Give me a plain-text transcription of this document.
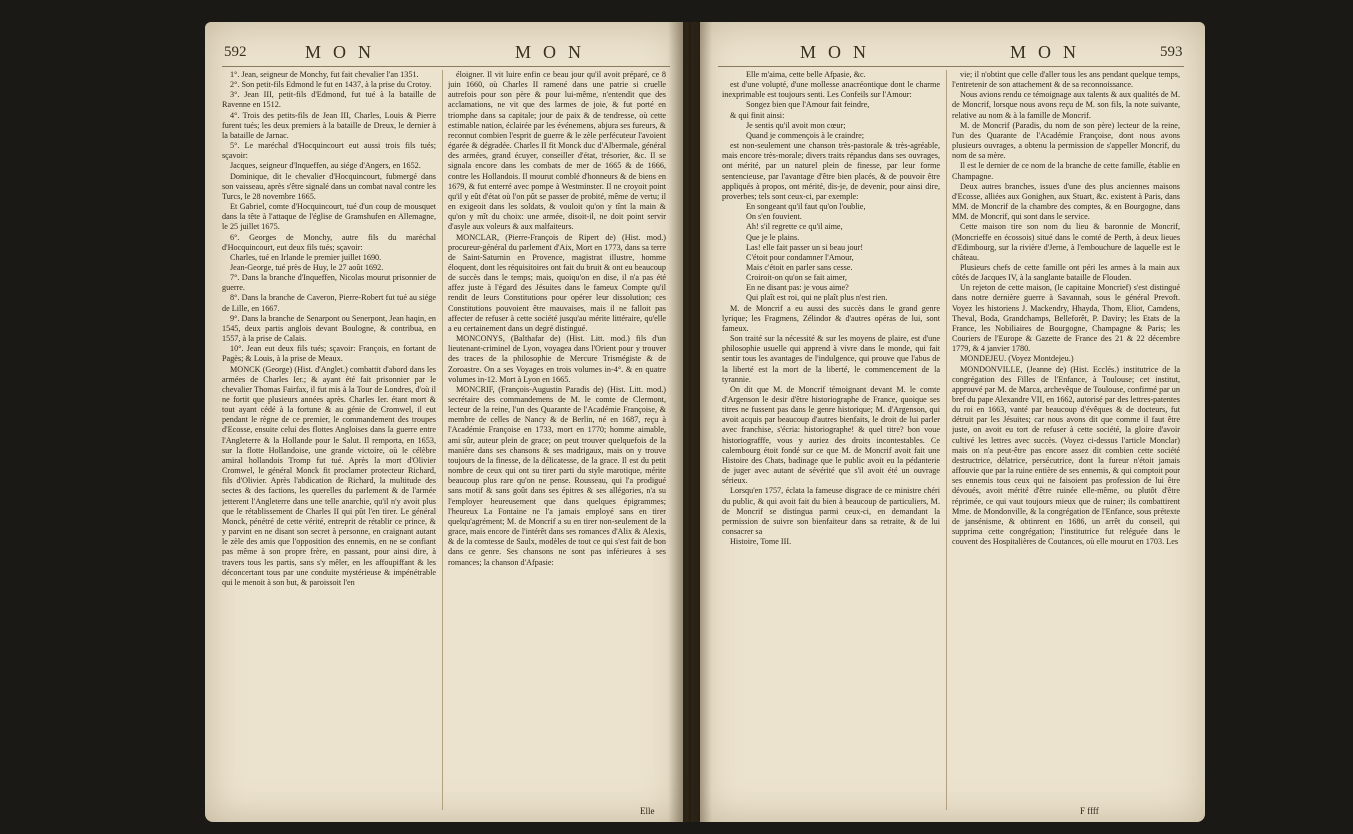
592	MON	MON

1°. Jean, seigneur de Monchy, fut fait chevalier l'an 1351.

2°. Son petit-fils Edmond le fut en 1437, à la prise du Crotoy.

3°. Jean III, petit-fils d'Edmond, fut tué à la bataille de Ravenne en 1512.

4°. Trois des petits-fils de Jean III, Charles, Louis & Pierre furent tués; les deux premiers à la bataille de Dreux, le dernier à la bataille de Jarnac.

5°. Le maréchal d'Hocquincourt eut aussi trois fils tués; sçavoir:

Jacques, seigneur d'Inqueffen, au siége d'Angers, en 1652.

Dominique, dit le chevalier d'Hocquincourt, fubmergé dans son vaisseau, après s'être signalé dans un combat naval contre les Turcs, le 28 novembre 1665.

Et Gabriel, comte d'Hocquincourt, tué d'un coup de mousquet dans la tête à l'attaque de l'église de Gramshufen en Allemagne, le 25 juillet 1675.

6°. Georges de Monchy, autre fils du maréchal d'Hocquincourt, eut deux fils tués; sçavoir:

Charles, tué en Irlande le premier juillet 1690.

Jean-George, tué près de Huy, le 27 août 1692.

7°. Dans la branche d'Inqueffen, Nicolas mourut prisonnier de guerre.

8°. Dans la branche de Caveron, Pierre-Robert fut tué au siége de Lille, en 1667.

9°. Dans la branche de Senarpont ou Senerpont, Jean haqin, en 1545, deux partis anglois devant Boulogne, & contribua, en 1557, à la prise de Calais.

10°. Jean eut deux fils tués; sçavoir: François, en fortant de Pagès; & Louis, à la prise de Meaux.

MONCK (George) (Hist. d'Anglet.) combattit d'abord dans les armées de Charles Ier.; & ayant été fait prisonnier par le chevalier Thomas Fairfax, il fut mis à la Tour de Londres, d'où il ne fortit que plusieurs années après. Charles Ier. étant mort & tout ayant cédé à la fortune & au génie de Cromwel, il eut pendant le règne de ce premier, le commandement des troupes d'Ecosse, ensuite celui des flottes Angloises dans la guerre entre l'Angleterre & la Hollande pour le Salut. Il remporta, en 1653, sur la flotte Hollandoise, une grande victoire, où le célèbre amiral hollandois Tromp fut tué. Après la mort d'Olivier Cromwel, le général Monck fit proclamer protecteur Richard, fils d'Olivier. Après l'abdication de Richard, la multitude des sectes & des factions, les querelles du parlement & de l'armée jetterent l'Angleterre dans une telle anarchie, qu'il n'y avoit plus que le rétablissement de Charles II qui pût l'en tirer. Le général Monck, pénétré de cette vérité, entreprit de rétablir ce prince, & y parvint en ne disant son secret à personne, en craignant autant le zèle des amis que l'opposition des ennemis, en ne se confiant pas même à son propre frère, en passant, pour ainsi dire, à travers tous les partis, sans s'y mêler, en les affoupiffant & les déconcertant tous par une conduite mystérieuse & impénétrable qui le menoit à son but, & paroissoit l'en

éloigner. Il vit luire enfin ce beau jour qu'il avoit préparé, ce 8 juin 1660, où Charles II ramené dans une patrie si cruelle autrefois pour son père & pour lui-même, n'entendit que des acclamations, ne vit que des larmes de joie, & fut porté en triomphe dans sa capitale; jour de paix & de tendresse, où cette estimable nation, éclairée par les événemens, abjura ses fureurs, & reconnut combien l'esprit de guerre & le zèle perfécuteur l'avoient égarée & dégradée. Charles II fit Monck duc d'Albermale, général des armées, grand écuyer, conseiller d'état, trésorier, &c. Il se signala encore dans les combats de mer de 1665 & de 1666, contre les Hollandois. Il mourut comblé d'honneurs & de biens en 1679, & fut enterré avec pompe à Westminster. Il ne croyoit point qu'il y eût d'état où l'on pût se passer de probité, même de vertu; il en exigeoit dans les soldats, & vouloit qu'on y tînt la main & qu'on y mît du choix: une armée, disoit-il, ne doit point servir d'asyle aux voleurs & aux malfaiteurs.

MONCLAR, (Pierre-François de Ripert de) (Hist. mod.) procureur-général du parlement d'Aix, Mort en 1773, dans sa terre de Saint-Saturnin en Provence, magistrat illustre, homme éloquent, dont les réquisitoires ont fait du bruit & ont eu beaucoup de succès dans le temps; mais, quoiqu'on en dise, il n'a pas été affez juste à l'égard des Jésuites dans le fameux Compte qu'il rendit de leurs Constitutions pour opérer leur dissolution; ces Constitutions pouvoient être mauvaises, mais il ne falloit pas affecter de refuser à cette société jusqu'au mérite littéraire, qu'elle a eu certainement dans un degré distingué.

MONCONYS, (Balthafar de) (Hist. Litt. mod.) fils d'un lieutenant-criminel de Lyon, voyagea dans l'Orient pour y trouver des traces de la philosophie de Mercure Trismégiste & de Zoroastre. On a ses Voyages en trois volumes in-4°. & en quatre volumes in-12. Mort à Lyon en 1665.

MONCRIF, (François-Augustin Paradis de) (Hist. Litt. mod.) secrétaire des commandemens de M. le comte de Clermont, lecteur de la reine, l'un des Quarante de l'Académie Françoise, & membre de celles de Nancy & de Berlin, né en 1687, reçu à l'Académie Françoise en 1733, mort en 1770; homme aimable, ami sûr, auteur plein de grace; on peut trouver quelquefois de la manière dans ses chansons & ses madrigaux, mais on y trouve toujours de la finesse, de la délicatesse, de la grace. Il est du petit nombre de ceux qui ont su tirer parti du style marotique, mérite beaucoup plus rare qu'on ne pense. Rousseau, qui l'a prodigué sans motif & sans goût dans ses épitres & ses allégories, n'a su l'employer heureusement que dans quelques épigrammes; l'heureux La Fontaine ne l'a jamais employé sans en tirer quelqu'agrément; M. de Moncrif a su en tirer non-seulement de la grace, mais encore de l'intérêt dans ses romances d'Alix & Alexis, & de la comtesse de Saulx, modèles de tout ce qui s'est fait de bon dans ce genre. Ses chansons ne sont pas inférieures à ses romances; la chanson d'Afpasie:

MON	MON	593

Elle m'aima, cette belle Afpasie, &c.

est d'une volupté, d'une mollesse anacréontique dont le charme inexprimable est toujours senti. Les Confeils sur l'Amour:

Songez bien que l'Amour fait feindre,

& qui finit ainsi:

Je sentis qu'il avoit mon cœur;

Quand je commençois à le craindre;

est non-seulement une chanson très-pastorale & très-agréable, mais encore très-morale; divers traits répandus dans ses ouvrages, ont mérité, par un naturel plein de finesse, par leur forme sentencieuse, par l'avantage d'être bien placés, & de pouvoir être appliqués à propos, ont mérité, dis-je, de devenir, pour ainsi dire, proverbes; tels sont ceux-ci, par exemple:

En songeant qu'il faut qu'on l'oublie,

On s'en fouvient.

Ah! s'il regrette ce qu'il aime,

Que je le plains.

Las! elle fait passer un si beau jour!

C'étoit pour condamner l'Amour,

Mais c'étoit en parler sans cesse.

Croiroit-on qu'on se fait aimer,

En ne disant pas: je vous aime?

Qui plaît est roi, qui ne plaît plus n'est rien.

M. de Moncrif a eu aussi des succès dans le grand genre lyrique; les Fragmens, Zélindor & d'autres opéras de lui, sont fameux.

Son traité sur la nécessité & sur les moyens de plaire, est d'une philosophie usuelle qui apprend à vivre dans le monde, qui fait sentir tous les avantages de l'indulgence, qui prouve que l'abus de la liberté est la mort de la liberté, le commencement de la tyrannie.

On dit que M. de Moncrif témoignant devant M. le comte d'Argenson le desir d'être historiographe de France, quoique ses titres ne fussent pas dans le genre historique; M. d'Argenson, qui avoit acquis par beaucoup d'autres bienfaits, le droit de lui parler avec franchise, s'écria: historiographe! & quel titre? bon voue historiografffe, vous y auriez des droits incontestables. Ce calembourg étoit fondé sur ce que M. de Moncrif avoit fait une Histoire des Chats, badinage que le public avoit eu la pédanterie de juger avec autant de sévérité que s'il avoit été un ouvrage sérieux.

Lorsqu'en 1757, éclata la fameuse disgrace de ce ministre chéri du public, & qui avoit fait du bien à beaucoup de particuliers, M. de Moncrif se distingua parmi ceux-ci, en demandant la permission de suivre son bienfaiteur dans sa retraite, & de lui consacrer sa

Histoire, Tome III.

vie; il n'obtint que celle d'aller tous les ans pendant quelque temps, l'entretenir de son attachement & de sa reconnoissance.

Nous avions rendu ce témoignage aux talents & aux qualités de M. de Moncrif, lorsque nous avons reçu de M. son fils, la note suivante, relative au nom & à la famille de Moncrif.

M. de Moncrif (Paradis, du nom de son père) lecteur de la reine, l'un des Quarante de l'Académie Françoise, dont nous avons plusieurs ouvrages, a obtenu la permission de s'appeller Moncrif, du nom de sa mère.

Il est le dernier de ce nom de la branche de cette famille, établie en Champagne.

Deux autres branches, issues d'une des plus anciennes maisons d'Ecosse, alliées aux Gonighen, aux Stuart, &c. existent à Paris, dans MM. de Moncrif de la chambre des comptes, & en Bourgogne, dans MM. de Moncrif, qui sont dans le service.

Cette maison tire son nom du lieu & baronnie de Moncrif, (Moncrieffe en écossois) situé dans le comté de Perth, à deux lieues d'Edimbourg, sur la rivière d'Jerne, à l'embouchure de laquelle est le château.

Plusieurs chefs de cette famille ont péri les armes à la main aux côtés de Jacques IV, à la sanglante bataille de Flouden.

Un rejeton de cette maison, (le capitaine Moncrief) s'est distingué dans notre dernière guerre à Savannah, sous le général Prevoft. Voyez les historiens J. Mackendry, Hhayda, Thom, Eliot, Camdens, Theval, Boda, Grandchamps, Belleforêt, P. Daviry; les Etats de la France, les Nobiliaires de Bourgogne, Champagne & Paris; les Couriers de l'Europe & Gazette de France des 21 & 22 décembre 1779, & 4 janvier 1780.

MONDEJEU. (Voyez Montdejeu.)

MONDONVILLE, (Jeanne de) (Hist. Ecclés.) institutrice de la congrégation des Filles de l'Enfance, à Toulouse; cet institut, approuvé par M. de Marca, archevêque de Toulouse, confirmé par un bref du pape Alexandre VII, en 1662, autorisé par des lettres-patentes du roi en 1663, vanté par beaucoup d'évêques & de docteurs, fut détruit par les Jésuites; car nous avons dit que comme il faut être juste, on avoit eu tort de refuser à cette société, la gloire d'avoir cultivé les lettres avec succès. (Voyez ci-dessus l'article Monclar) mais on n'a peut-être pas encore assez dit combien cette société destructrice, délatrice, persécutrice, dont la fureur n'étoit jamais affouvie que par la ruine entière de ses ennemis, & qui comptoit pour ses ennemis tous ceux qui ne faisoient pas profession de lui être dévoués, avoit mérité d'être ruinée elle-même, ou plutôt d'être réprimée, ce qui vaut toujours mieux que de ruiner; ils combattirent Mme. de Mondonville, & la congrégation de l'Enfance, sous prétexte de jansénisme, & obtinrent en 1686, un arrêt du conseil, qui supprima cette congrégation; l'institutrice fut reléguée dans le couvent des Hospitalières de Coutances, où elle mourut en 1703. Les

Elle	F ffff
